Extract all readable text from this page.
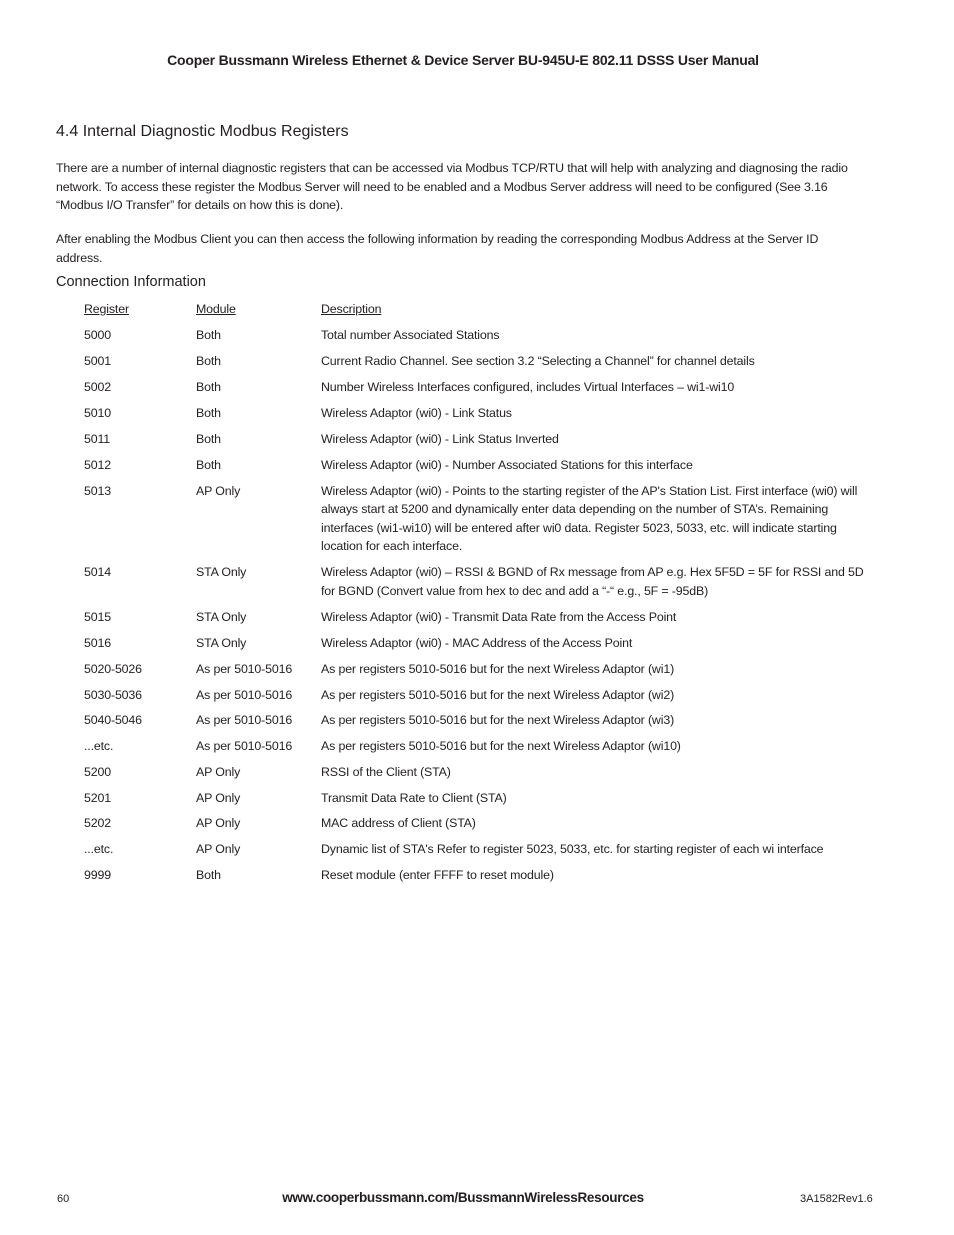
Cooper Bussmann Wireless Ethernet & Device Server BU-945U-E 802.11 DSSS User Manual
4.4 Internal Diagnostic Modbus Registers

There are a number of internal diagnostic registers that can be accessed via Modbus TCP/RTU that will help with analyzing and diagnosing the radio network. To access these register the Modbus Server will need to be enabled and a Modbus Server address will need to be configured (See 3.16 “Modbus I/O Transfer” for details on how this is done).

After enabling the Modbus Client you can then access the following information by reading the corresponding Modbus Address at the Server ID address.

Connection Information
Register	Module	Description
5000	Both	Total number Associated Stations
5001	Both	Current Radio Channel. See section 3.2 “Selecting a Channel” for channel details
5002	Both	Number Wireless Interfaces configured, includes Virtual Interfaces – wi1-wi10
5010	Both	Wireless Adaptor (wi0) - Link Status
5011	Both	Wireless Adaptor (wi0) - Link Status Inverted
5012	Both	Wireless Adaptor (wi0) - Number Associated Stations for this interface
5013	AP Only	Wireless Adaptor (wi0) - Points to the starting register of the AP's Station List. First interface (wi0) will always start at 5200 and dynamically enter data depending on the number of STA’s. Remaining interfaces (wi1-wi10) will be entered after wi0 data. Register 5023, 5033, etc. will indicate starting location for each interface.
5014	STA Only	Wireless Adaptor (wi0) – RSSI & BGND of Rx message from AP e.g. Hex 5F5D = 5F for RSSI and 5D for BGND (Convert value from hex to dec and add a “-“ e.g., 5F = -95dB)
5015	STA Only	Wireless Adaptor (wi0) - Transmit Data Rate from the Access Point
5016	STA Only	Wireless Adaptor (wi0) - MAC Address of the Access Point
5020-5026	As per 5010-5016	As per registers 5010-5016 but for the next Wireless Adaptor (wi1)
5030-5036	As per 5010-5016	As per registers 5010-5016 but for the next Wireless Adaptor (wi2)
5040-5046	As per 5010-5016	As per registers 5010-5016 but for the next Wireless Adaptor (wi3)
...etc.	As per 5010-5016	As per registers 5010-5016 but for the next Wireless Adaptor (wi10)
5200	AP Only	RSSI of the Client (STA)
5201	AP Only	Transmit Data Rate to Client (STA)
5202	AP Only	MAC address of Client (STA)
...etc.	AP Only	Dynamic list of STA's Refer to register 5023, 5033, etc. for starting register of each wi interface
9999	Both	Reset module (enter FFFF to reset module)
60	www.cooperbussmann.com/BussmannWirelessResources	3A1582Rev1.6
